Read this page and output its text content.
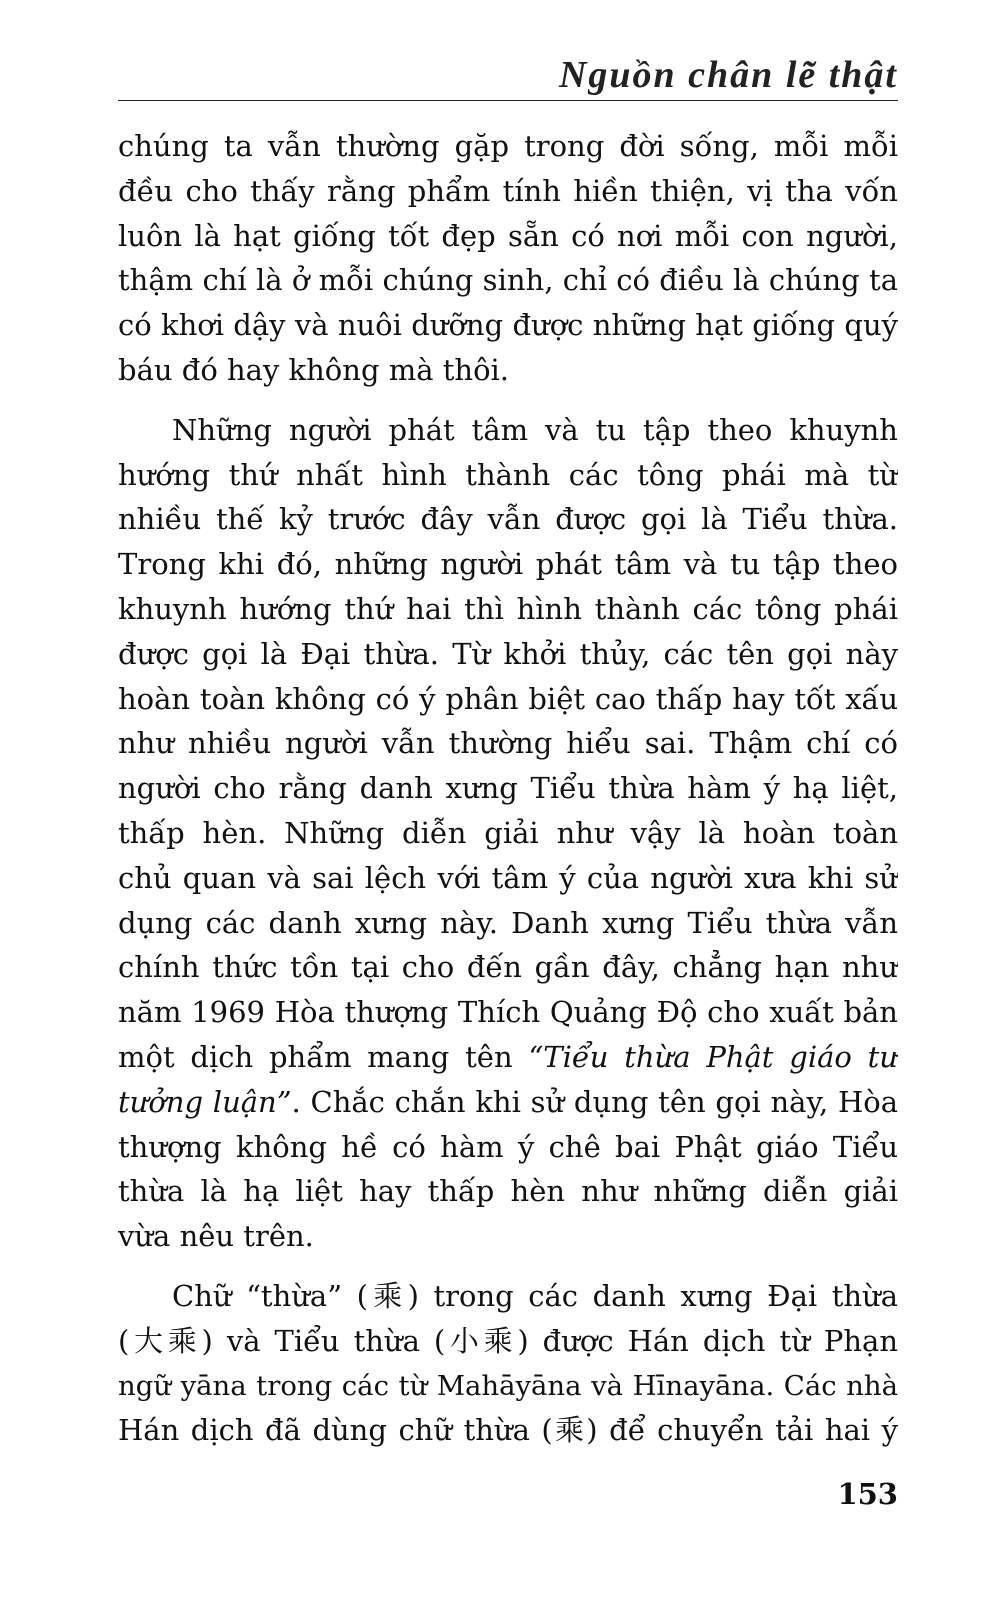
Nguồn chân lẽ thật

chúng ta vẫn thường gặp trong đời sống, mỗi mỗi
đều cho thấy rằng phẩm tính hiền thiện, vị tha vốn
luôn là hạt giống tốt đẹp sẵn có nơi mỗi con người,
thậm chí là ở mỗi chúng sinh, chỉ có điều là chúng ta
có khơi dậy và nuôi dưỡng được những hạt giống quý
báu đó hay không mà thôi.

Những người phát tâm và tu tập theo khuynh
hướng thứ nhất hình thành các tông phái mà từ
nhiều thế kỷ trước đây vẫn được gọi là Tiểu thừa.
Trong khi đó, những người phát tâm và tu tập theo
khuynh hướng thứ hai thì hình thành các tông phái
được gọi là Đại thừa. Từ khởi thủy, các tên gọi này
hoàn toàn không có ý phân biệt cao thấp hay tốt xấu
như nhiều người vẫn thường hiểu sai. Thậm chí có
người cho rằng danh xưng Tiểu thừa hàm ý hạ liệt,
thấp hèn. Những diễn giải như vậy là hoàn toàn
chủ quan và sai lệch với tâm ý của người xưa khi sử
dụng các danh xưng này. Danh xưng Tiểu thừa vẫn
chính thức tồn tại cho đến gần đây, chẳng hạn như
năm 1969 Hòa thượng Thích Quảng Độ cho xuất bản
một dịch phẩm mang tên “Tiểu thừa Phật giáo tư
tưởng luận”. Chắc chắn khi sử dụng tên gọi này, Hòa
thượng không hề có hàm ý chê bai Phật giáo Tiểu
thừa là hạ liệt hay thấp hèn như những diễn giải
vừa nêu trên.

Chữ “thừa” (乘) trong các danh xưng Đại thừa
(大乘) và Tiểu thừa (小乘) được Hán dịch từ Phạn
ngữ yāna trong các từ Mahāyāna và Hīnayāna. Các nhà
Hán dịch đã dùng chữ thừa (乘) để chuyển tải hai ý

153
